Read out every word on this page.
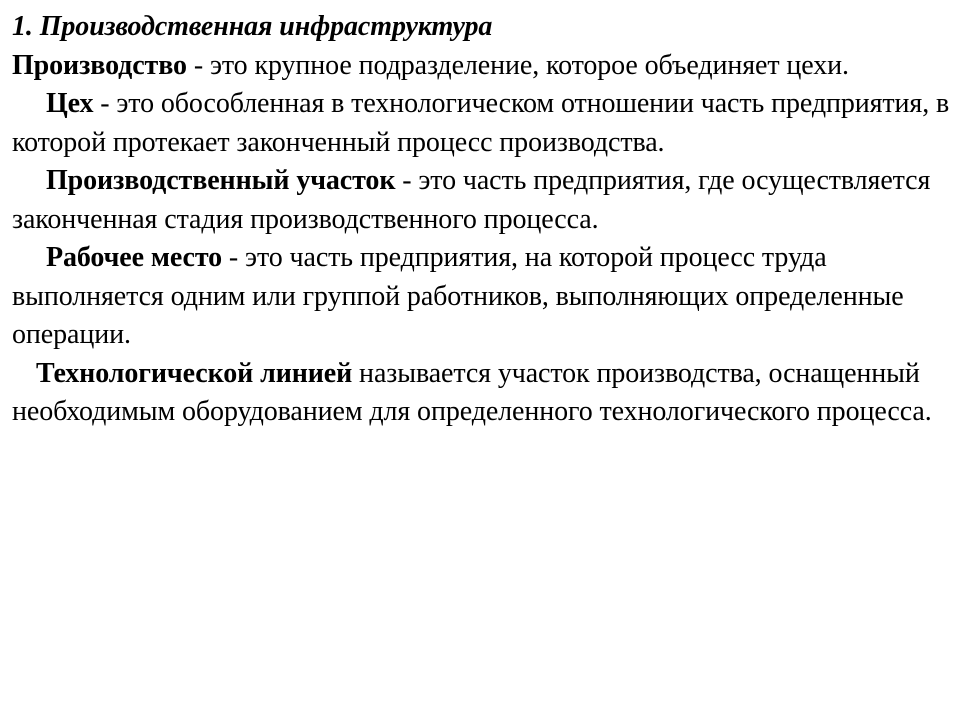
1. Производственная инфраструктура

Производство - это крупное подразделение, которое объединяет цехи.

Цех - это обособленная в технологическом отношении часть предприятия, в которой протекает законченный процесс производства.

Производственный участок - это часть предприятия, где осуществляется законченная стадия производственного процесса.

Рабочее место - это часть предприятия, на которой процесс труда выполняется одним или группой работников, выполняющих определенные операции.

Технологической линией называется участок производства, оснащенный необходимым оборудованием для определенного технологического процесса.
